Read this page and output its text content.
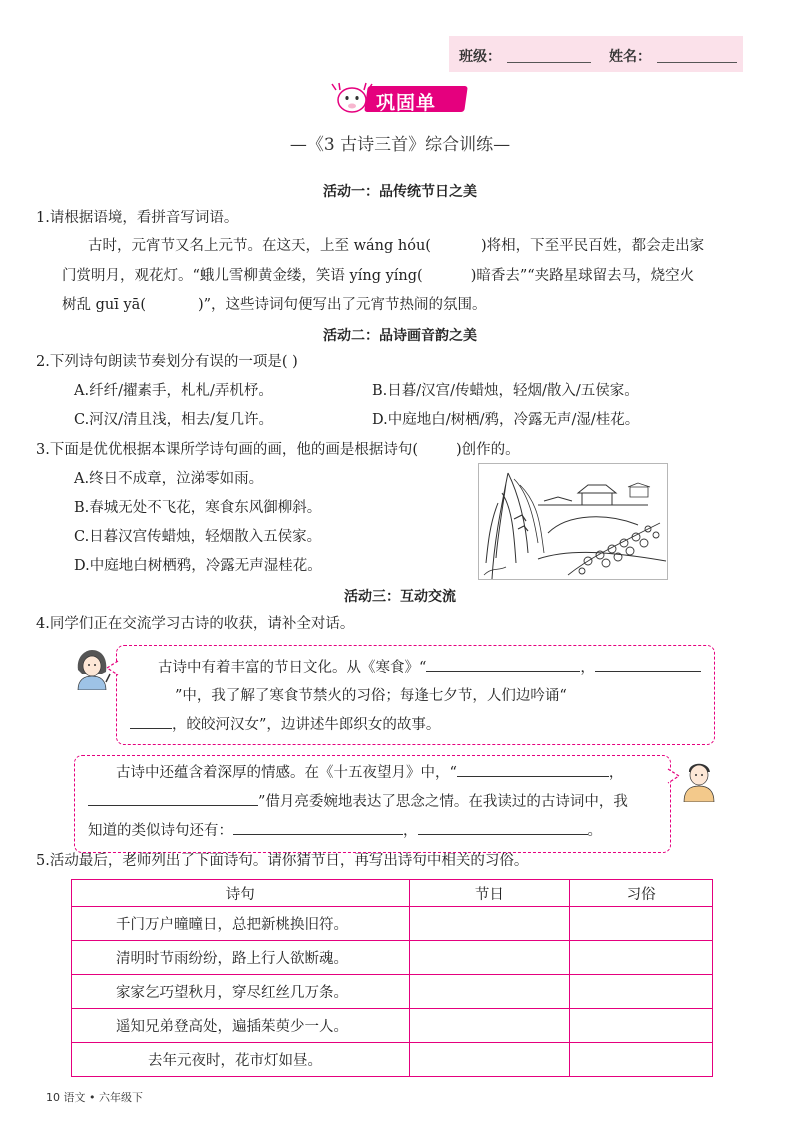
班级：	姓名：
巩固单
—《3 古诗三首》综合训练—
活动一：品传统节日之美
1.请根据语境，看拼音写词语。
古时，元宵节又名上元节。在这天，上至 wáng hóu(	)将相，下至平民百姓，都会走出家
门赏明月，观花灯。“蛾儿雪柳黄金缕，笑语 yíng yíng(	)暗香去”“夹路星球留去马，烧空火
树乱 guī yā(	)”，这些诗词句便写出了元宵节热闹的氛围。
活动二：品诗画音韵之美
2.下列诗句朗读节奏划分有误的一项是( )
A.纤纤/擢素手，札札/弄机杼。	B.日暮/汉宫/传蜡烛，轻烟/散入/五侯家。
C.河汉/清且浅，相去/复几许。	D.中庭地白/树栖/鸦，冷露无声/湿/桂花。
3.下面是优优根据本课所学诗句画的画，他的画是根据诗句(	)创作的。
A.终日不成章，泣涕零如雨。
B.春城无处不飞花，寒食东风御柳斜。
C.日暮汉宫传蜡烛，轻烟散入五侯家。
D.中庭地白树栖鸦，冷露无声湿桂花。
活动三：互动交流
4.同学们正在交流学习古诗的收获，请补全对话。
古诗中有着丰富的节日文化。从《寒食》“	，
”中，我了解了寒食节禁火的习俗；每逢七夕节，人们边吟诵“
，皎皎河汉女”，边讲述牛郎织女的故事。
古诗中还蕴含着深厚的情感。在《十五夜望月》中，“	，
”借月亮委婉地表达了思念之情。在我读过的古诗词中，我
知道的类似诗句还有：	，	。
5.活动最后，老师列出了下面诗句。请你猜节日，再写出诗句中相关的习俗。
诗句	节日	习俗
千门万户曈曈日，总把新桃换旧符。		
清明时节雨纷纷，路上行人欲断魂。		
家家乞巧望秋月，穿尽红丝几万条。		
遥知兄弟登高处，遍插茱萸少一人。		
去年元夜时，花市灯如昼。		
10 语文 • 六年级下
